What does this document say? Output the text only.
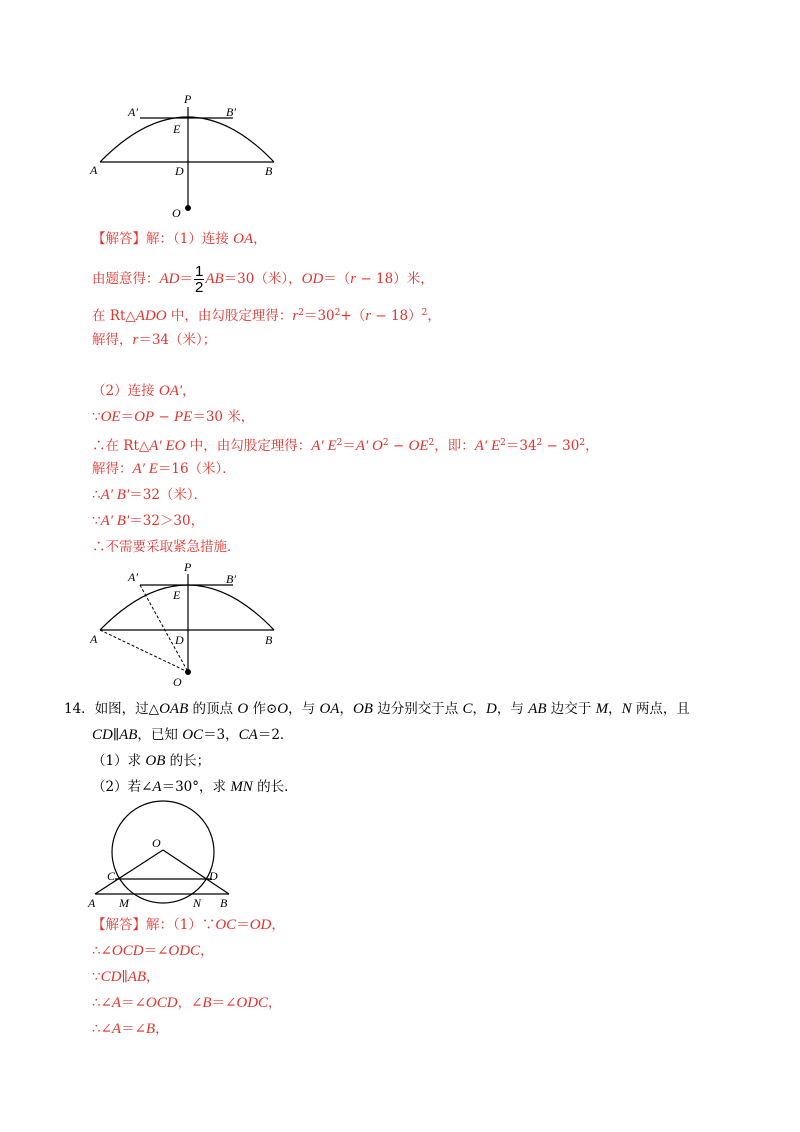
A′
P
B′
E
A	D	B
O
【解答】解：（1）连接 OA，
由题意得：$AD= \frac{1}{2} AB=30$（米），OD＝（r − 18）米，
在 Rt△ADO 中，由勾股定理得：$r^2=30^2+(r - 18)^2$，
解得，r＝34（米）；
（2）连接 OA′，
∵OE＝OP − PE＝30 米，
∴在 Rt△A′ EO 中，由勾股定理得：A′ $E^2=A'$ $O^2 - OE^2$，即：A′ $E^2=34^2 - 30^2$，
解得：A′ E＝16（米）．
∴A′ B′＝32（米）．
∵A′ B′＝32＞30，
∴不需要采取紧急措施．
A′
P
B′
E
A	D	B
O
14．如图，过△OAB 的顶点 O 作⊙O，与 OA，OB 边分别交于点 C，D，与 AB 边交于 M，N 两点，且
CD∥AB，已知 OC＝3，CA＝2．
（1）求 OB 的长；
（2）若∠A＝30°，求 MN 的长．
O
C	D
A M	N B
【解答】解：（1）∵OC＝OD，
∴∠OCD＝∠ODC，
∵CD∥AB，
∴∠A＝∠OCD，∠B＝∠ODC，
∴∠A＝∠B，
